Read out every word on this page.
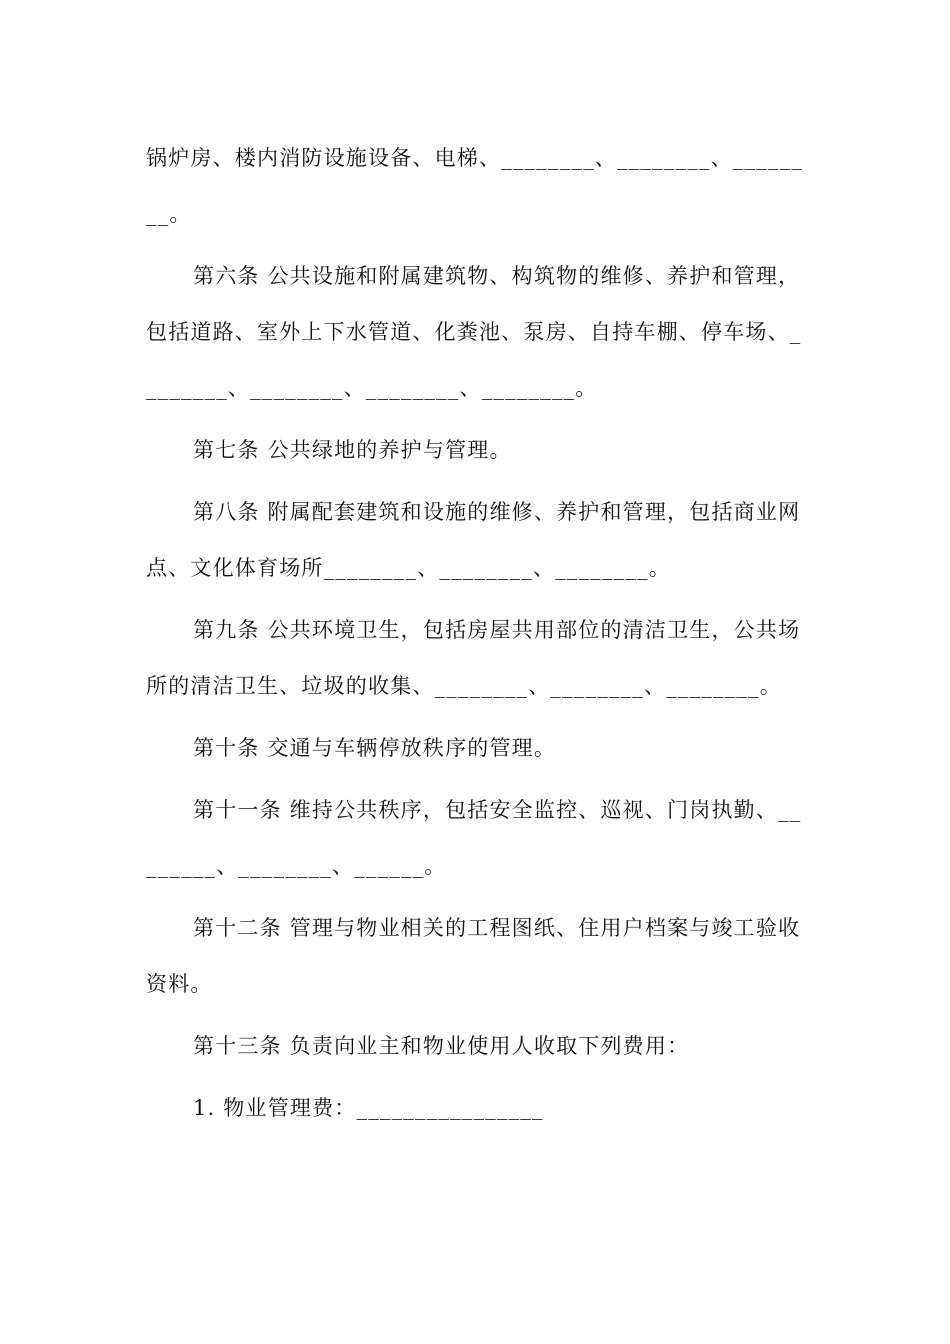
锅炉房、楼内消防设施设备、电梯、________、________、________。

第六条 公共设施和附属建筑物、构筑物的维修、养护和管理，包括道路、室外上下水管道、化粪池、泵房、自持车棚、停车场、________、________、________、________。

第七条 公共绿地的养护与管理。

第八条 附属配套建筑和设施的维修、养护和管理，包括商业网点、文化体育场所________、________、________。

第九条 公共环境卫生，包括房屋共用部位的清洁卫生，公共场所的清洁卫生、垃圾的收集、________、________、________。

第十条 交通与车辆停放秩序的管理。

第十一条 维持公共秩序，包括安全监控、巡视、门岗执勤、________、________、______。

第十二条 管理与物业相关的工程图纸、住用户档案与竣工验收资料。

第十三条 负责向业主和物业使用人收取下列费用：

1. 物业管理费：________________
